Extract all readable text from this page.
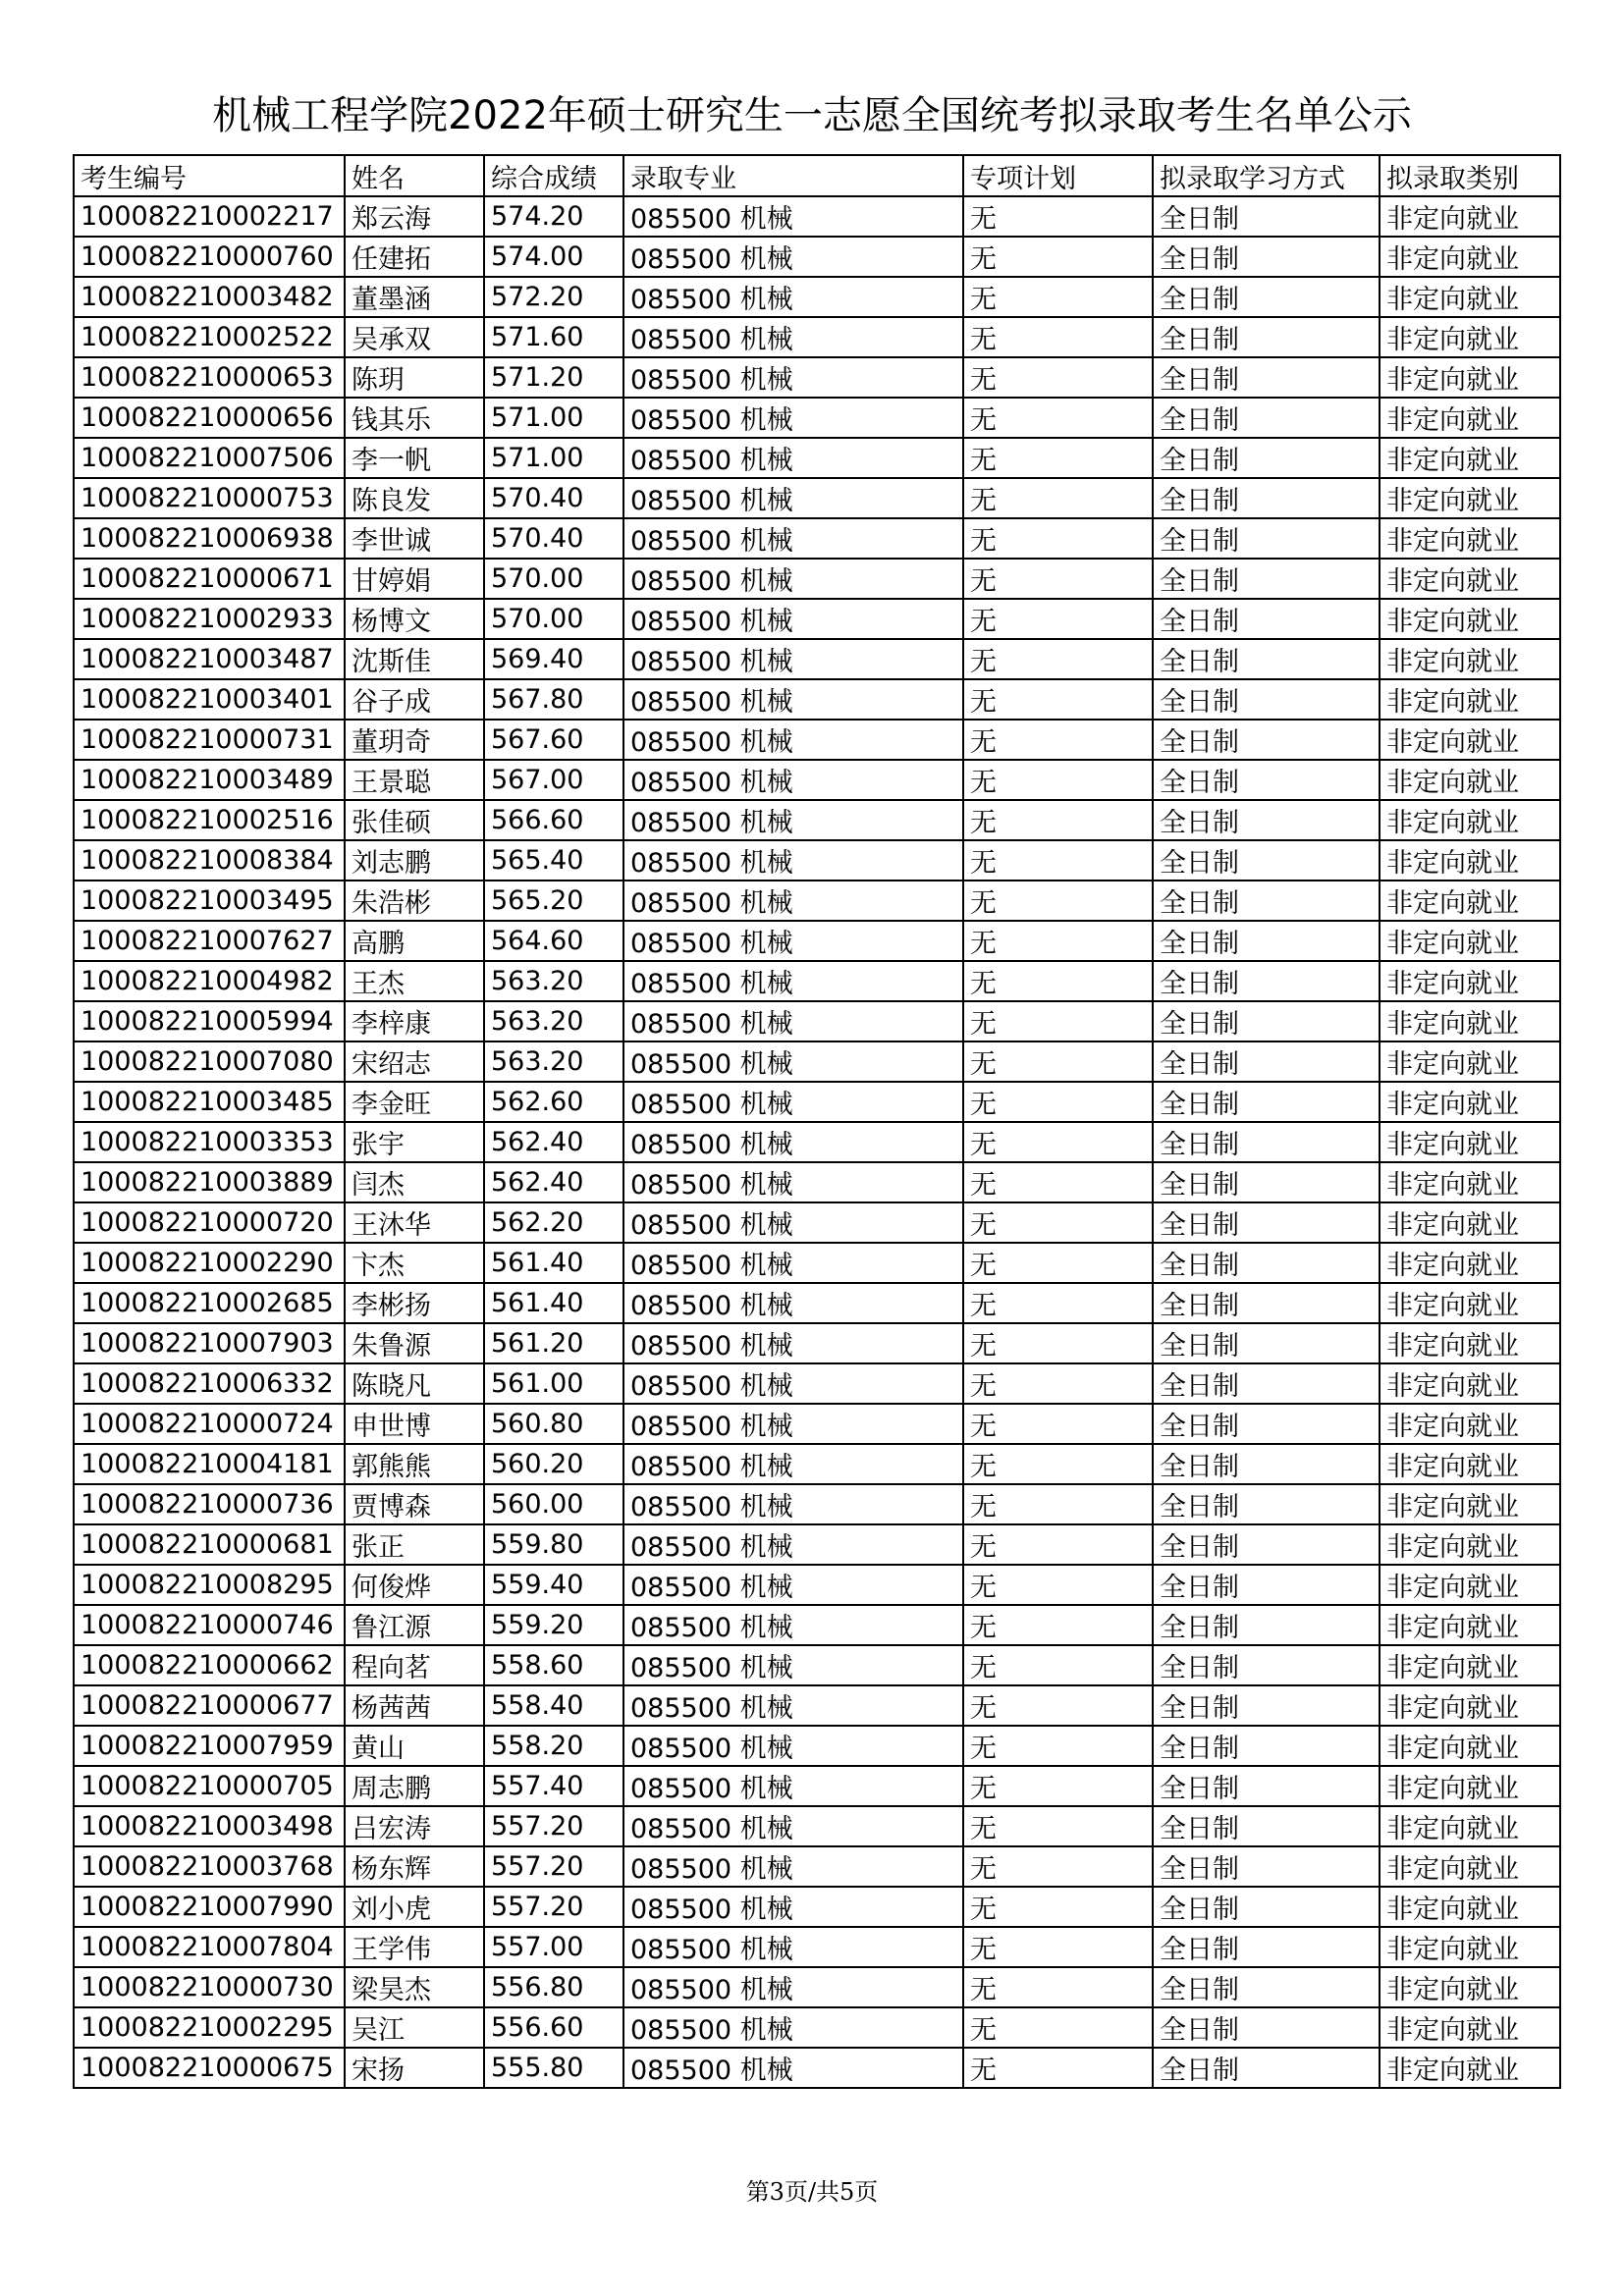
机械工程学院2022年硕士研究生一志愿全国统考拟录取考生名单公示
考生编号	姓名	综合成绩	录取专业	专项计划	拟录取学习方式	拟录取类别
100082210002217	郑云海	574.20	085500 机械	无	全日制	非定向就业
100082210000760	任建拓	574.00	085500 机械	无	全日制	非定向就业
100082210003482	董墨涵	572.20	085500 机械	无	全日制	非定向就业
100082210002522	吴承双	571.60	085500 机械	无	全日制	非定向就业
100082210000653	陈玥	571.20	085500 机械	无	全日制	非定向就业
100082210000656	钱其乐	571.00	085500 机械	无	全日制	非定向就业
100082210007506	李一帆	571.00	085500 机械	无	全日制	非定向就业
100082210000753	陈良发	570.40	085500 机械	无	全日制	非定向就业
100082210006938	李世诚	570.40	085500 机械	无	全日制	非定向就业
100082210000671	甘婷娟	570.00	085500 机械	无	全日制	非定向就业
100082210002933	杨博文	570.00	085500 机械	无	全日制	非定向就业
100082210003487	沈斯佳	569.40	085500 机械	无	全日制	非定向就业
100082210003401	谷子成	567.80	085500 机械	无	全日制	非定向就业
100082210000731	董玥奇	567.60	085500 机械	无	全日制	非定向就业
100082210003489	王景聪	567.00	085500 机械	无	全日制	非定向就业
100082210002516	张佳硕	566.60	085500 机械	无	全日制	非定向就业
100082210008384	刘志鹏	565.40	085500 机械	无	全日制	非定向就业
100082210003495	朱浩彬	565.20	085500 机械	无	全日制	非定向就业
100082210007627	高鹏	564.60	085500 机械	无	全日制	非定向就业
100082210004982	王杰	563.20	085500 机械	无	全日制	非定向就业
100082210005994	李梓康	563.20	085500 机械	无	全日制	非定向就业
100082210007080	宋绍志	563.20	085500 机械	无	全日制	非定向就业
100082210003485	李金旺	562.60	085500 机械	无	全日制	非定向就业
100082210003353	张宇	562.40	085500 机械	无	全日制	非定向就业
100082210003889	闫杰	562.40	085500 机械	无	全日制	非定向就业
100082210000720	王沐华	562.20	085500 机械	无	全日制	非定向就业
100082210002290	卞杰	561.40	085500 机械	无	全日制	非定向就业
100082210002685	李彬扬	561.40	085500 机械	无	全日制	非定向就业
100082210007903	朱鲁源	561.20	085500 机械	无	全日制	非定向就业
100082210006332	陈晓凡	561.00	085500 机械	无	全日制	非定向就业
100082210000724	申世博	560.80	085500 机械	无	全日制	非定向就业
100082210004181	郭熊熊	560.20	085500 机械	无	全日制	非定向就业
100082210000736	贾博森	560.00	085500 机械	无	全日制	非定向就业
100082210000681	张正	559.80	085500 机械	无	全日制	非定向就业
100082210008295	何俊烨	559.40	085500 机械	无	全日制	非定向就业
100082210000746	鲁江源	559.20	085500 机械	无	全日制	非定向就业
100082210000662	程向茗	558.60	085500 机械	无	全日制	非定向就业
100082210000677	杨茜茜	558.40	085500 机械	无	全日制	非定向就业
100082210007959	黄山	558.20	085500 机械	无	全日制	非定向就业
100082210000705	周志鹏	557.40	085500 机械	无	全日制	非定向就业
100082210003498	吕宏涛	557.20	085500 机械	无	全日制	非定向就业
100082210003768	杨东辉	557.20	085500 机械	无	全日制	非定向就业
100082210007990	刘小虎	557.20	085500 机械	无	全日制	非定向就业
100082210007804	王学伟	557.00	085500 机械	无	全日制	非定向就业
100082210000730	梁昊杰	556.80	085500 机械	无	全日制	非定向就业
100082210002295	吴江	556.60	085500 机械	无	全日制	非定向就业
100082210000675	宋扬	555.80	085500 机械	无	全日制	非定向就业
第3页/共5页
